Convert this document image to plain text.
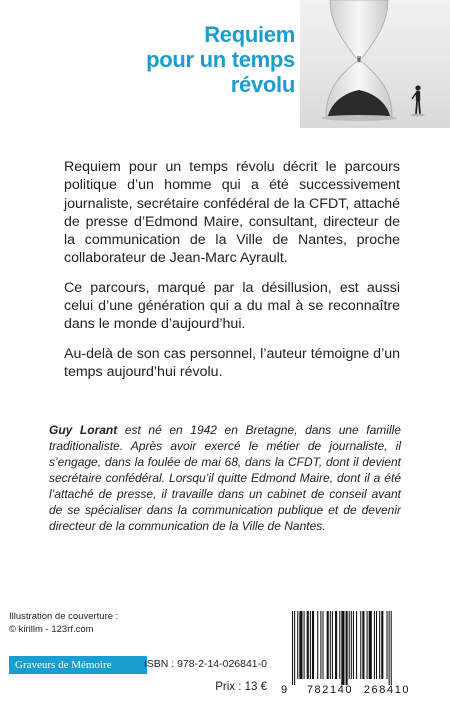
Requiem
pour un temps
révolu

Requiem pour un temps révolu décrit le parcours politique d’un homme qui a été successivement journaliste, secrétaire confédéral de la CFDT, attaché de presse d’Edmond Maire, consultant, directeur de la communication de la Ville de Nantes, proche collaborateur de Jean-Marc Ayrault.

Ce parcours, marqué par la désillusion, est aussi celui d’une génération qui a du mal à se reconnaître dans le monde d’aujourd’hui.

Au-delà de son cas personnel, l’auteur témoigne d’un temps aujourd’hui révolu.

Guy Lorant est né en 1942 en Bretagne, dans une famille traditionaliste. Après avoir exercé le métier de journaliste, il s’engage, dans la foulée de mai 68, dans la CFDT, dont il devient secrétaire confédéral. Lorsqu’il quitte Edmond Maire, dont il a été l’attaché de presse, il travaille dans un cabinet de conseil avant de se spécialiser dans la communication publique et de devenir directeur de la communication de la Ville de Nantes.
Illustration de couverture :
© kirillm - 123rf.com
Graveurs de Mémoire	ISBN : 978-2-14-026841-0
Prix : 13 € 9 782140 268410
